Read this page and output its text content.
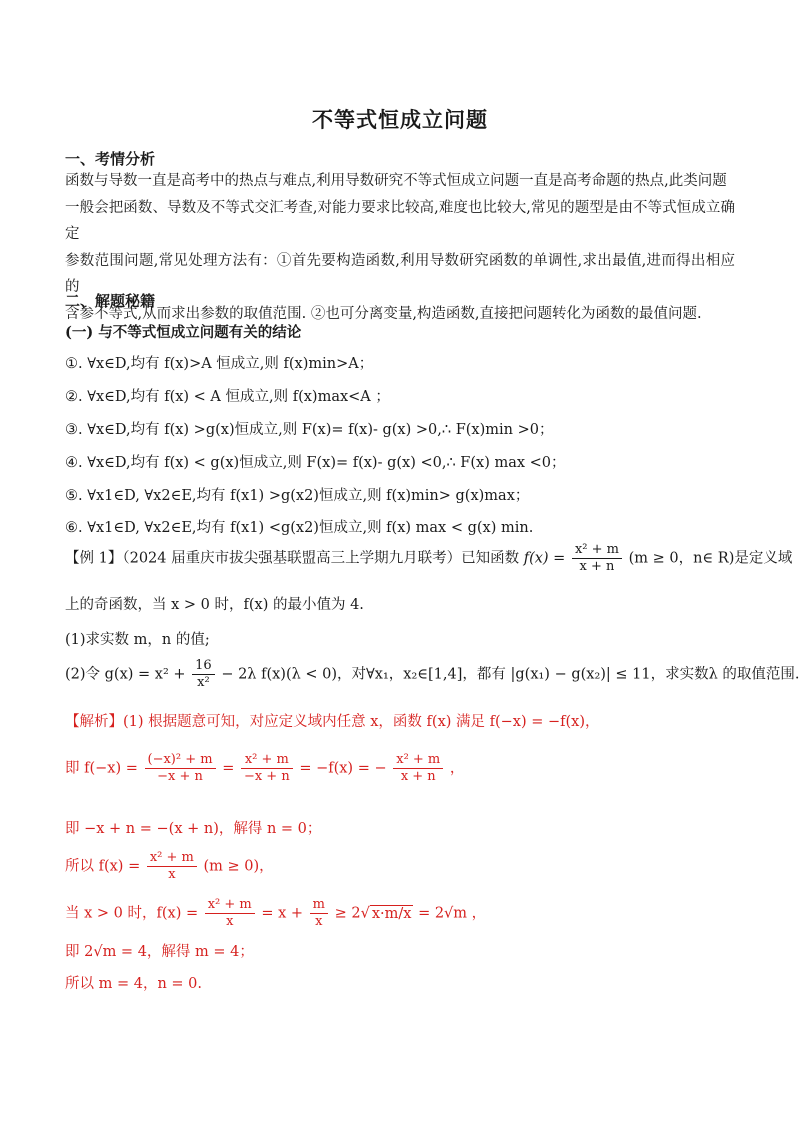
不等式恒成立问题
一、考情分析
函数与导数一直是高考中的热点与难点,利用导数研究不等式恒成立问题一直是高考命题的热点,此类问题
一般会把函数、导数及不等式交汇考查,对能力要求比较高,难度也比较大,常见的题型是由不等式恒成立确定
参数范围问题,常见处理方法有：①首先要构造函数,利用导数研究函数的单调性,求出最值,进而得出相应的
含参不等式,从而求出参数的取值范围. ②也可分离变量,构造函数,直接把问题转化为函数的最值问题.
二、解题秘籍
(一) 与不等式恒成立问题有关的结论
①. ∀x∈D,均有 f(x)>A 恒成立,则 f(x)min>A；
②. ∀x∈D,均有 f(x) < A 恒成立,则 f(x)max<A ；
③. ∀x∈D,均有 f(x) >g(x)恒成立,则 F(x)= f(x)- g(x) >0,∴ F(x)min >0；
④. ∀x∈D,均有 f(x) < g(x)恒成立,则 F(x)= f(x)- g(x) <0,∴ F(x) max <0；
⑤. ∀x1∈D, ∀x2∈E,均有 f(x1) >g(x2)恒成立,则 f(x)min> g(x)max；
⑥. ∀x1∈D, ∀x2∈E,均有 f(x1) <g(x2)恒成立,则 f(x) max < g(x) min.
【例 1】（2024 届重庆市拔尖强基联盟高三上学期九月联考）已知函数 $f(x) = \frac{\text{x² + m}}{x + n} (m \ge 0$，n∈ R)是定义域
上的奇函数，当 x > 0 时，f(x) 的最小值为 4.
(1)求实数 m，n 的值;
(2)令 $g(x) = x^2 + \frac{16}{\text{x²}} - 2\lambda$ f(x)(λ < 0)，对∀x₁，x₂∈[1,4]，都有 |g(x₁) − g(x₂)| ≤ 11，求实数λ 的取值范围.
【解析】(1) 根据题意可知，对应定义域内任意 x，函数 f(x) 满足 f(−x) = −f(x)，
即 $f(-x) = \frac{\text{(−x)² + m}}{-x + n} = \frac{\text{x² + m}}{-x + n} = -f(x)$ = − $\frac{\text{x² + m}}{x + n}$ ，
即 −x + n = −(x + n)，解得 n = 0；
所以 $f(x) = \frac{\text{x² + m}}{x} (m \ge 0)$，
当 x > 0 时，$f(x) = \frac{\text{x² + m}}{x} = x + \frac{m}{x} \ge 2√$ x·m/x = 2√m ，
即 2√m = 4，解得 m = 4；
所以 m = 4，n = 0.
